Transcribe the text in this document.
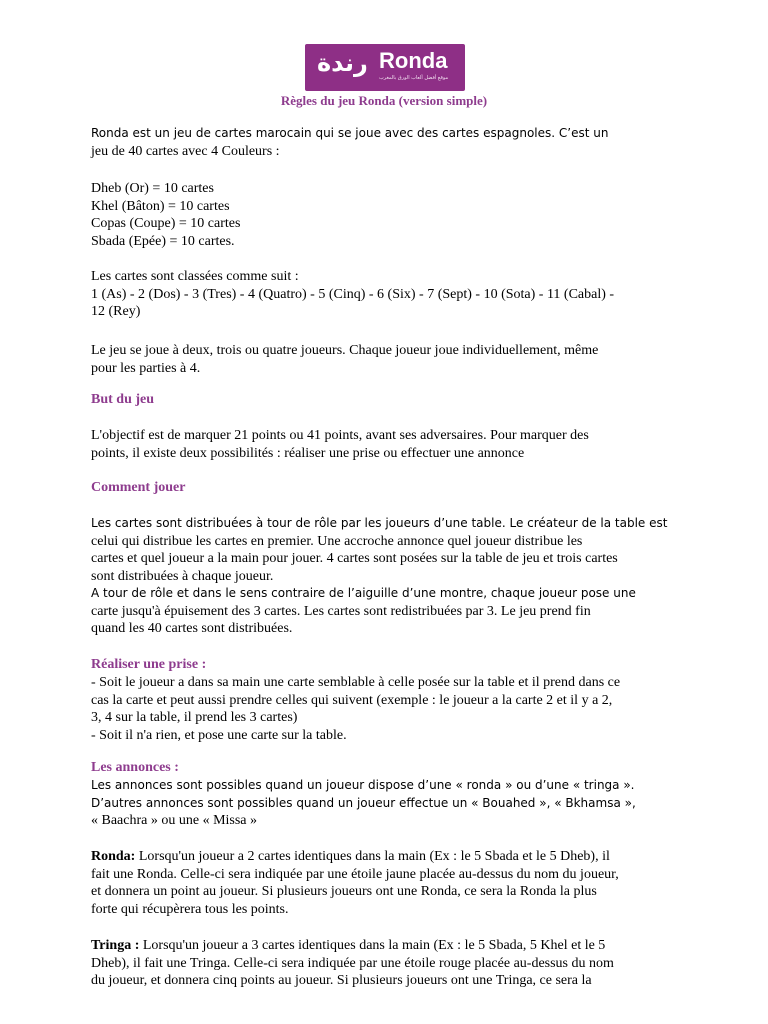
رندة Ronda
موقع أفضل ألعاب الورق بالمغرب
Règles du jeu Ronda (version simple)

Ronda est un jeu de cartes marocain qui se joue avec des cartes espagnoles. C’est un

jeu de 40 cartes avec 4 Couleurs :

Dheb (Or) = 10 cartes

Khel (Bâton) = 10 cartes

Copas (Coupe) = 10 cartes

Sbada (Epée) = 10 cartes.

Les cartes sont classées comme suit :

1 (As) - 2 (Dos) - 3 (Tres) - 4 (Quatro) - 5 (Cinq) - 6 (Six) - 7 (Sept) - 10 (Sota) - 11 (Cabal) -

12 (Rey)

Le jeu se joue à deux, trois ou quatre joueurs. Chaque joueur joue individuellement, même

pour les parties à 4.

But du jeu

L'objectif est de marquer 21 points ou 41 points, avant ses adversaires. Pour marquer des

points, il existe deux possibilités : réaliser une prise ou effectuer une annonce

Comment jouer

Les cartes sont distribuées à tour de rôle par les joueurs d’une table. Le créateur de la table est

celui qui distribue les cartes en premier. Une accroche annonce quel joueur distribue les

cartes et quel joueur a la main pour jouer. 4 cartes sont posées sur la table de jeu et trois cartes

sont distribuées à chaque joueur.

A tour de rôle et dans le sens contraire de l’aiguille d’une montre, chaque joueur pose une

carte jusqu'à épuisement des 3 cartes. Les cartes sont redistribuées par 3. Le jeu prend fin

quand les 40 cartes sont distribuées.

Réaliser une prise :

- Soit le joueur a dans sa main une carte semblable à celle posée sur la table et il prend dans ce

cas la carte et peut aussi prendre celles qui suivent (exemple : le joueur a la carte 2 et il y a 2,

3, 4 sur la table, il prend les 3 cartes)

- Soit il n'a rien, et pose une carte sur la table.

Les annonces :

Les annonces sont possibles quand un joueur dispose d’une « ronda » ou d’une « tringa ».

D’autres annonces sont possibles quand un joueur effectue un « Bouahed », « Bkhamsa »,

« Baachra » ou une « Missa »

Ronda: Lorsqu'un joueur a 2 cartes identiques dans la main (Ex : le 5 Sbada et le 5 Dheb), il

fait une Ronda. Celle-ci sera indiquée par une étoile jaune placée au-dessus du nom du joueur,

et donnera un point au joueur. Si plusieurs joueurs ont une Ronda, ce sera la Ronda la plus

forte qui récupèrera tous les points.

Tringa : Lorsqu'un joueur a 3 cartes identiques dans la main (Ex : le 5 Sbada, 5 Khel et le 5

Dheb), il fait une Tringa. Celle-ci sera indiquée par une étoile rouge placée au-dessus du nom

du joueur, et donnera cinq points au joueur. Si plusieurs joueurs ont une Tringa, ce sera la
